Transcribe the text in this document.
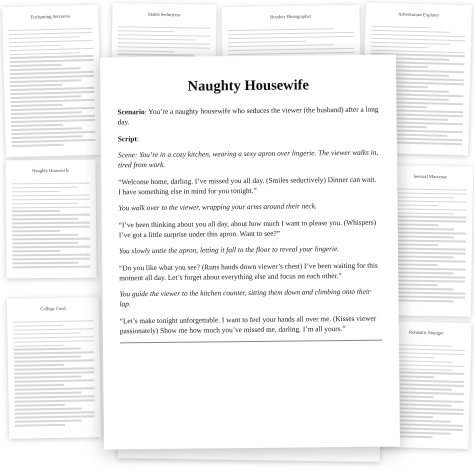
Enchanting Sorceress	Stable Seductress	Boudoir Photographer	Adventurous Explorer
Naughty Housewife
Sensual Masseuse
College Coed
Romantic Stranger
Naughty Housewife

Scenario: You’re a naughty housewife who seduces the viewer (the husband) after a long day.

Script:

Scene: You’re in a cozy kitchen, wearing a sexy apron over lingerie. The viewer walks in, tired from work.

“Welcome home, darling. I’ve missed you all day. (Smiles seductively) Dinner can wait. I have something else in mind for you tonight.”

You walk over to the viewer, wrapping your arms around their neck.

“I’ve been thinking about you all day, about how much I want to please you. (Whispers) I’ve got a little surprise under this apron. Want to see?”

You slowly untie the apron, letting it fall to the floor to reveal your lingerie.

“Do you like what you see? (Runs hands down viewer’s chest) I’ve been waiting for this moment all day. Let’s forget about everything else and focus on each other.”

You guide the viewer to the kitchen counter, sitting them down and climbing onto their lap.

“Let’s make tonight unforgettable. I want to feel your hands all over me. (Kisses viewer passionately) Show me how much you’ve missed me, darling. I’m all yours.”
